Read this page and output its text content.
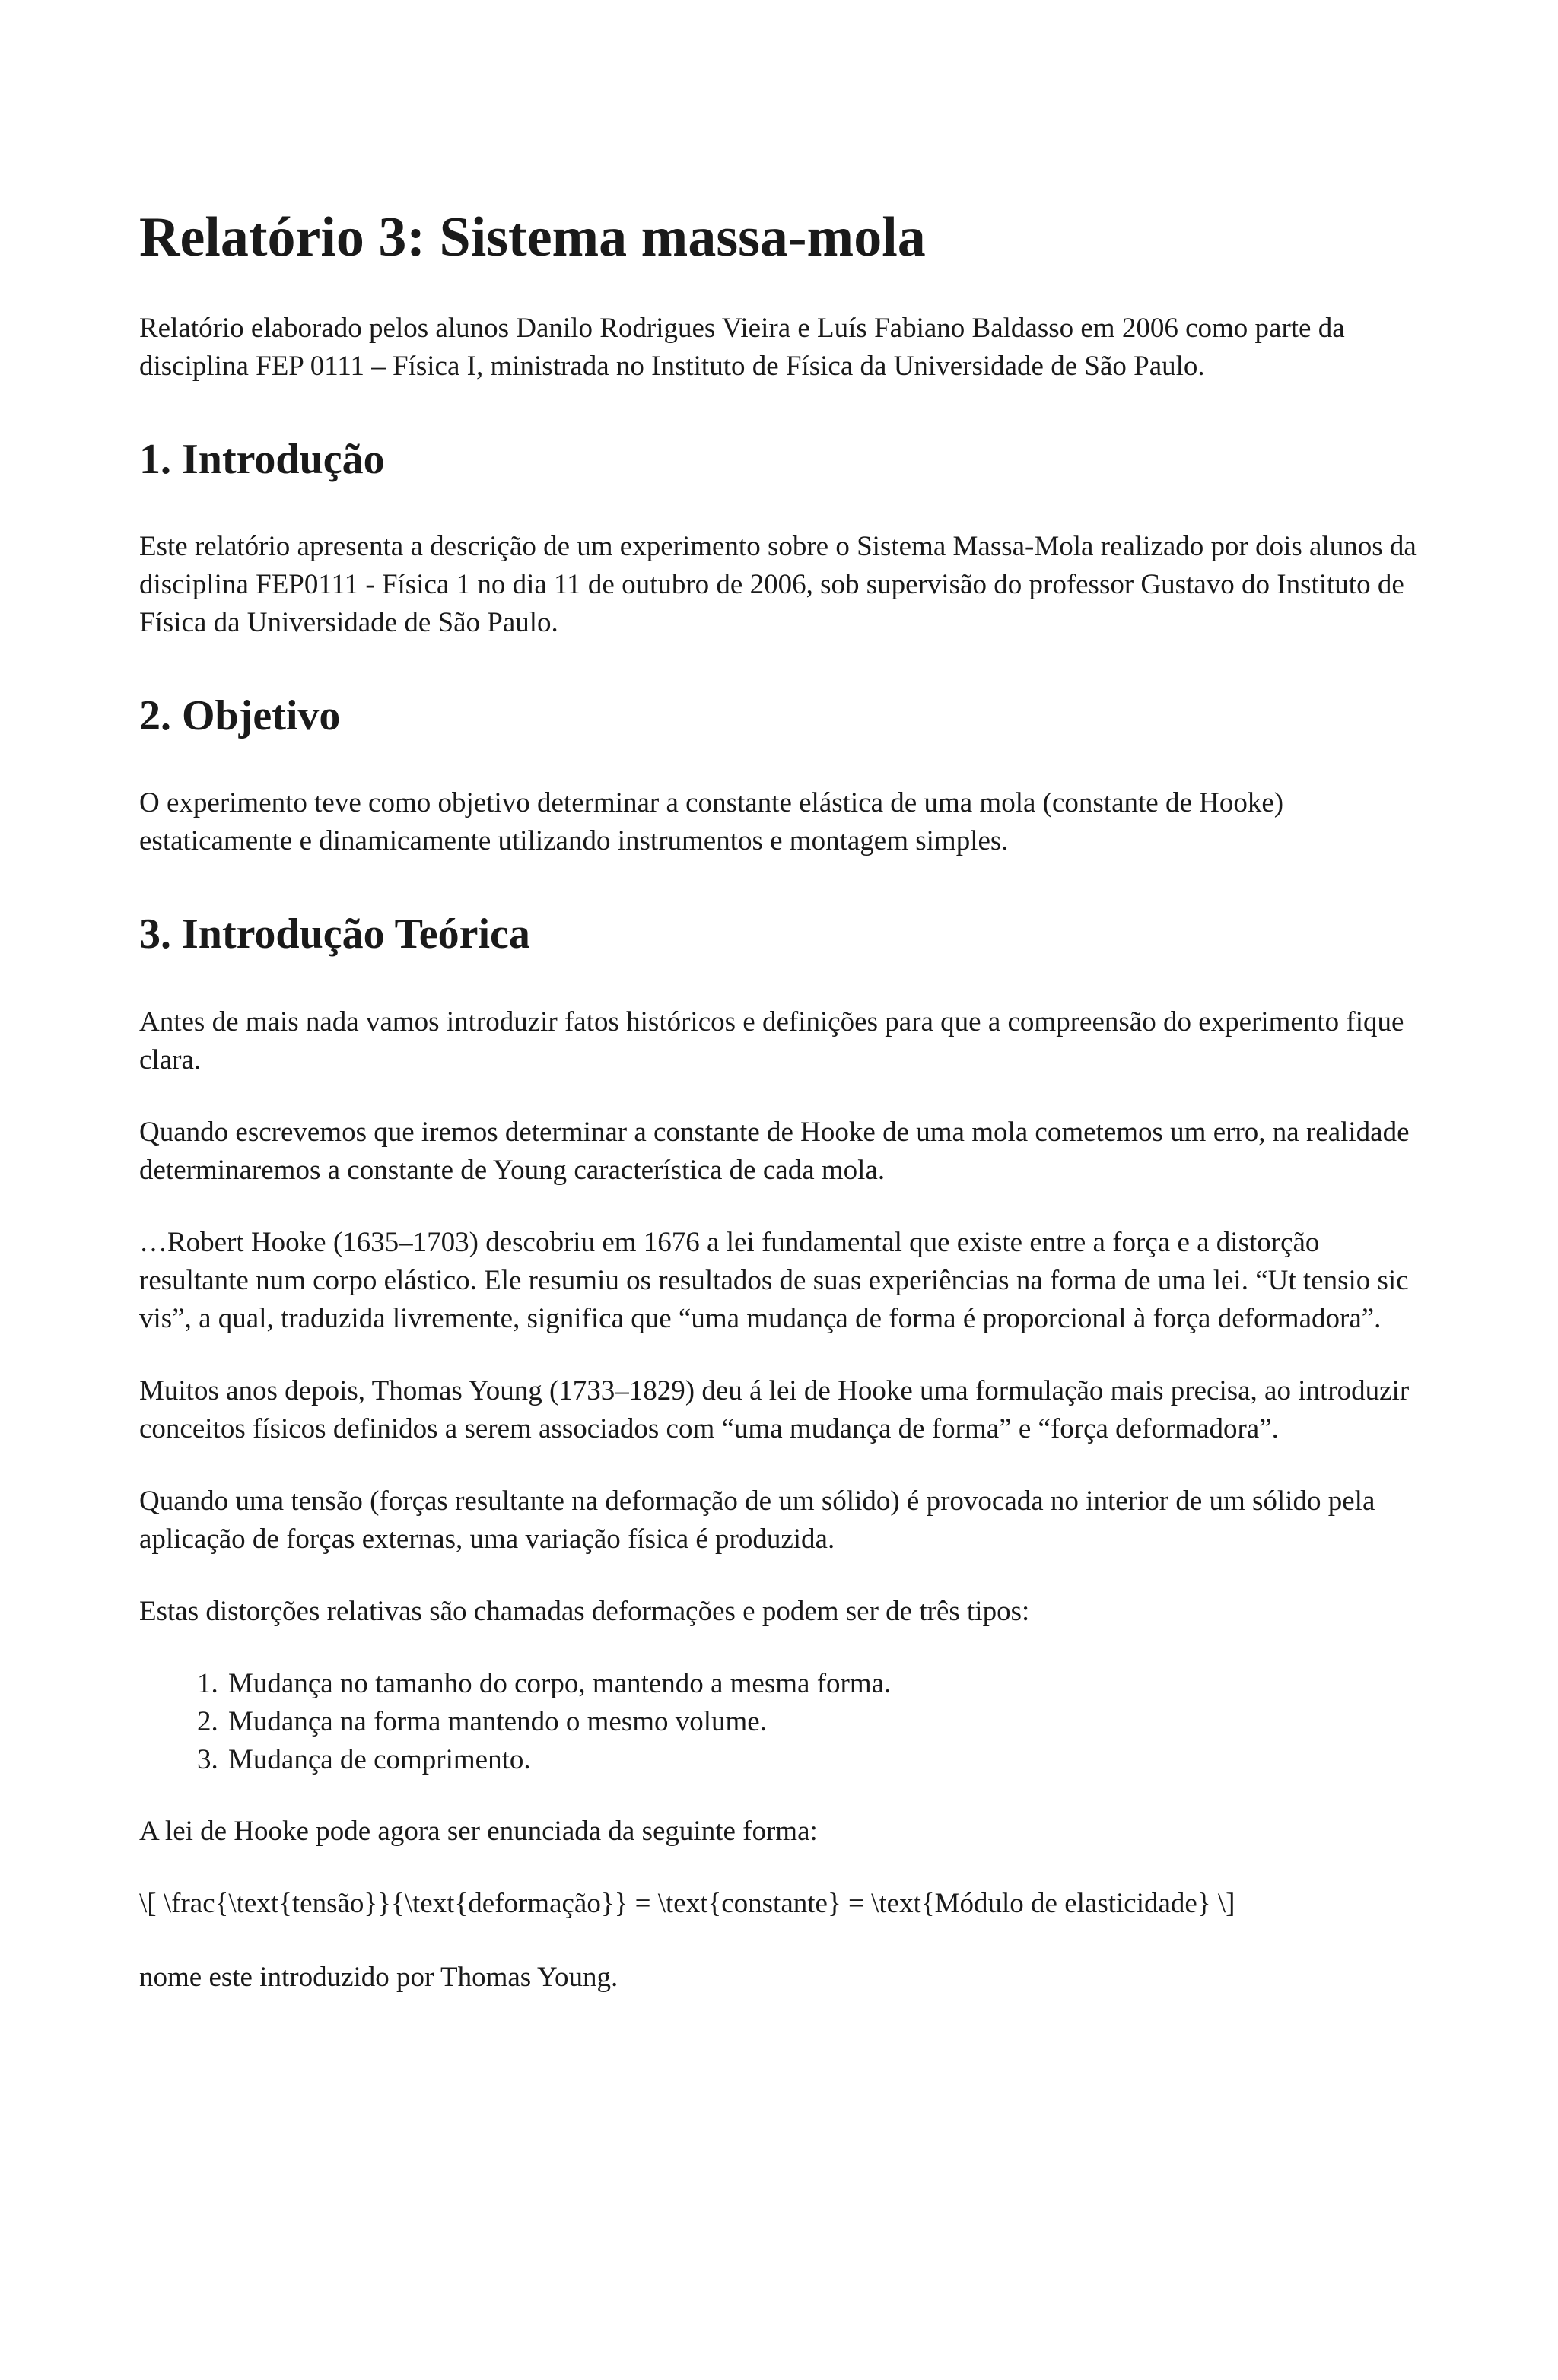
Relatório 3: Sistema massa-mola

Relatório elaborado pelos alunos Danilo Rodrigues Vieira e Luís Fabiano Baldasso em 2006 como parte da disciplina FEP 0111 – Física I, ministrada no Instituto de Física da Universidade de São Paulo.

1. Introdução

Este relatório apresenta a descrição de um experimento sobre o Sistema Massa-Mola realizado por dois alunos da disciplina FEP0111 - Física 1 no dia 11 de outubro de 2006, sob supervisão do professor Gustavo do Instituto de Física da Universidade de São Paulo.

2. Objetivo

O experimento teve como objetivo determinar a constante elástica de uma mola (constante de Hooke) estaticamente e dinamicamente utilizando instrumentos e montagem simples.

3. Introdução Teórica

Antes de mais nada vamos introduzir fatos históricos e definições para que a compreensão do experimento fique clara.

Quando escrevemos que iremos determinar a constante de Hooke de uma mola cometemos um erro, na realidade determinaremos a constante de Young característica de cada mola.

…Robert Hooke (1635–1703) descobriu em 1676 a lei fundamental que existe entre a força e a distorção resultante num corpo elástico. Ele resumiu os resultados de suas experiências na forma de uma lei. “Ut tensio sic vis”, a qual, traduzida livremente, significa que “uma mudança de forma é proporcional à força deformadora”.

Muitos anos depois, Thomas Young (1733–1829) deu á lei de Hooke uma formulação mais precisa, ao introduzir conceitos físicos definidos a serem associados com “uma mudança de forma” e “força deformadora”.

Quando uma tensão (forças resultante na deformação de um sólido) é provocada no interior de um sólido pela aplicação de forças externas, uma variação física é produzida.

Estas distorções relativas são chamadas deformações e podem ser de três tipos:

1. Mudança no tamanho do corpo, mantendo a mesma forma.
2. Mudança na forma mantendo o mesmo volume.
3. Mudança de comprimento.

A lei de Hooke pode agora ser enunciada da seguinte forma:

\[ \frac{\text{tensão}}{\text{deformação}} = \text{constante} = \text{Módulo de elasticidade} \]

nome este introduzido por Thomas Young.
